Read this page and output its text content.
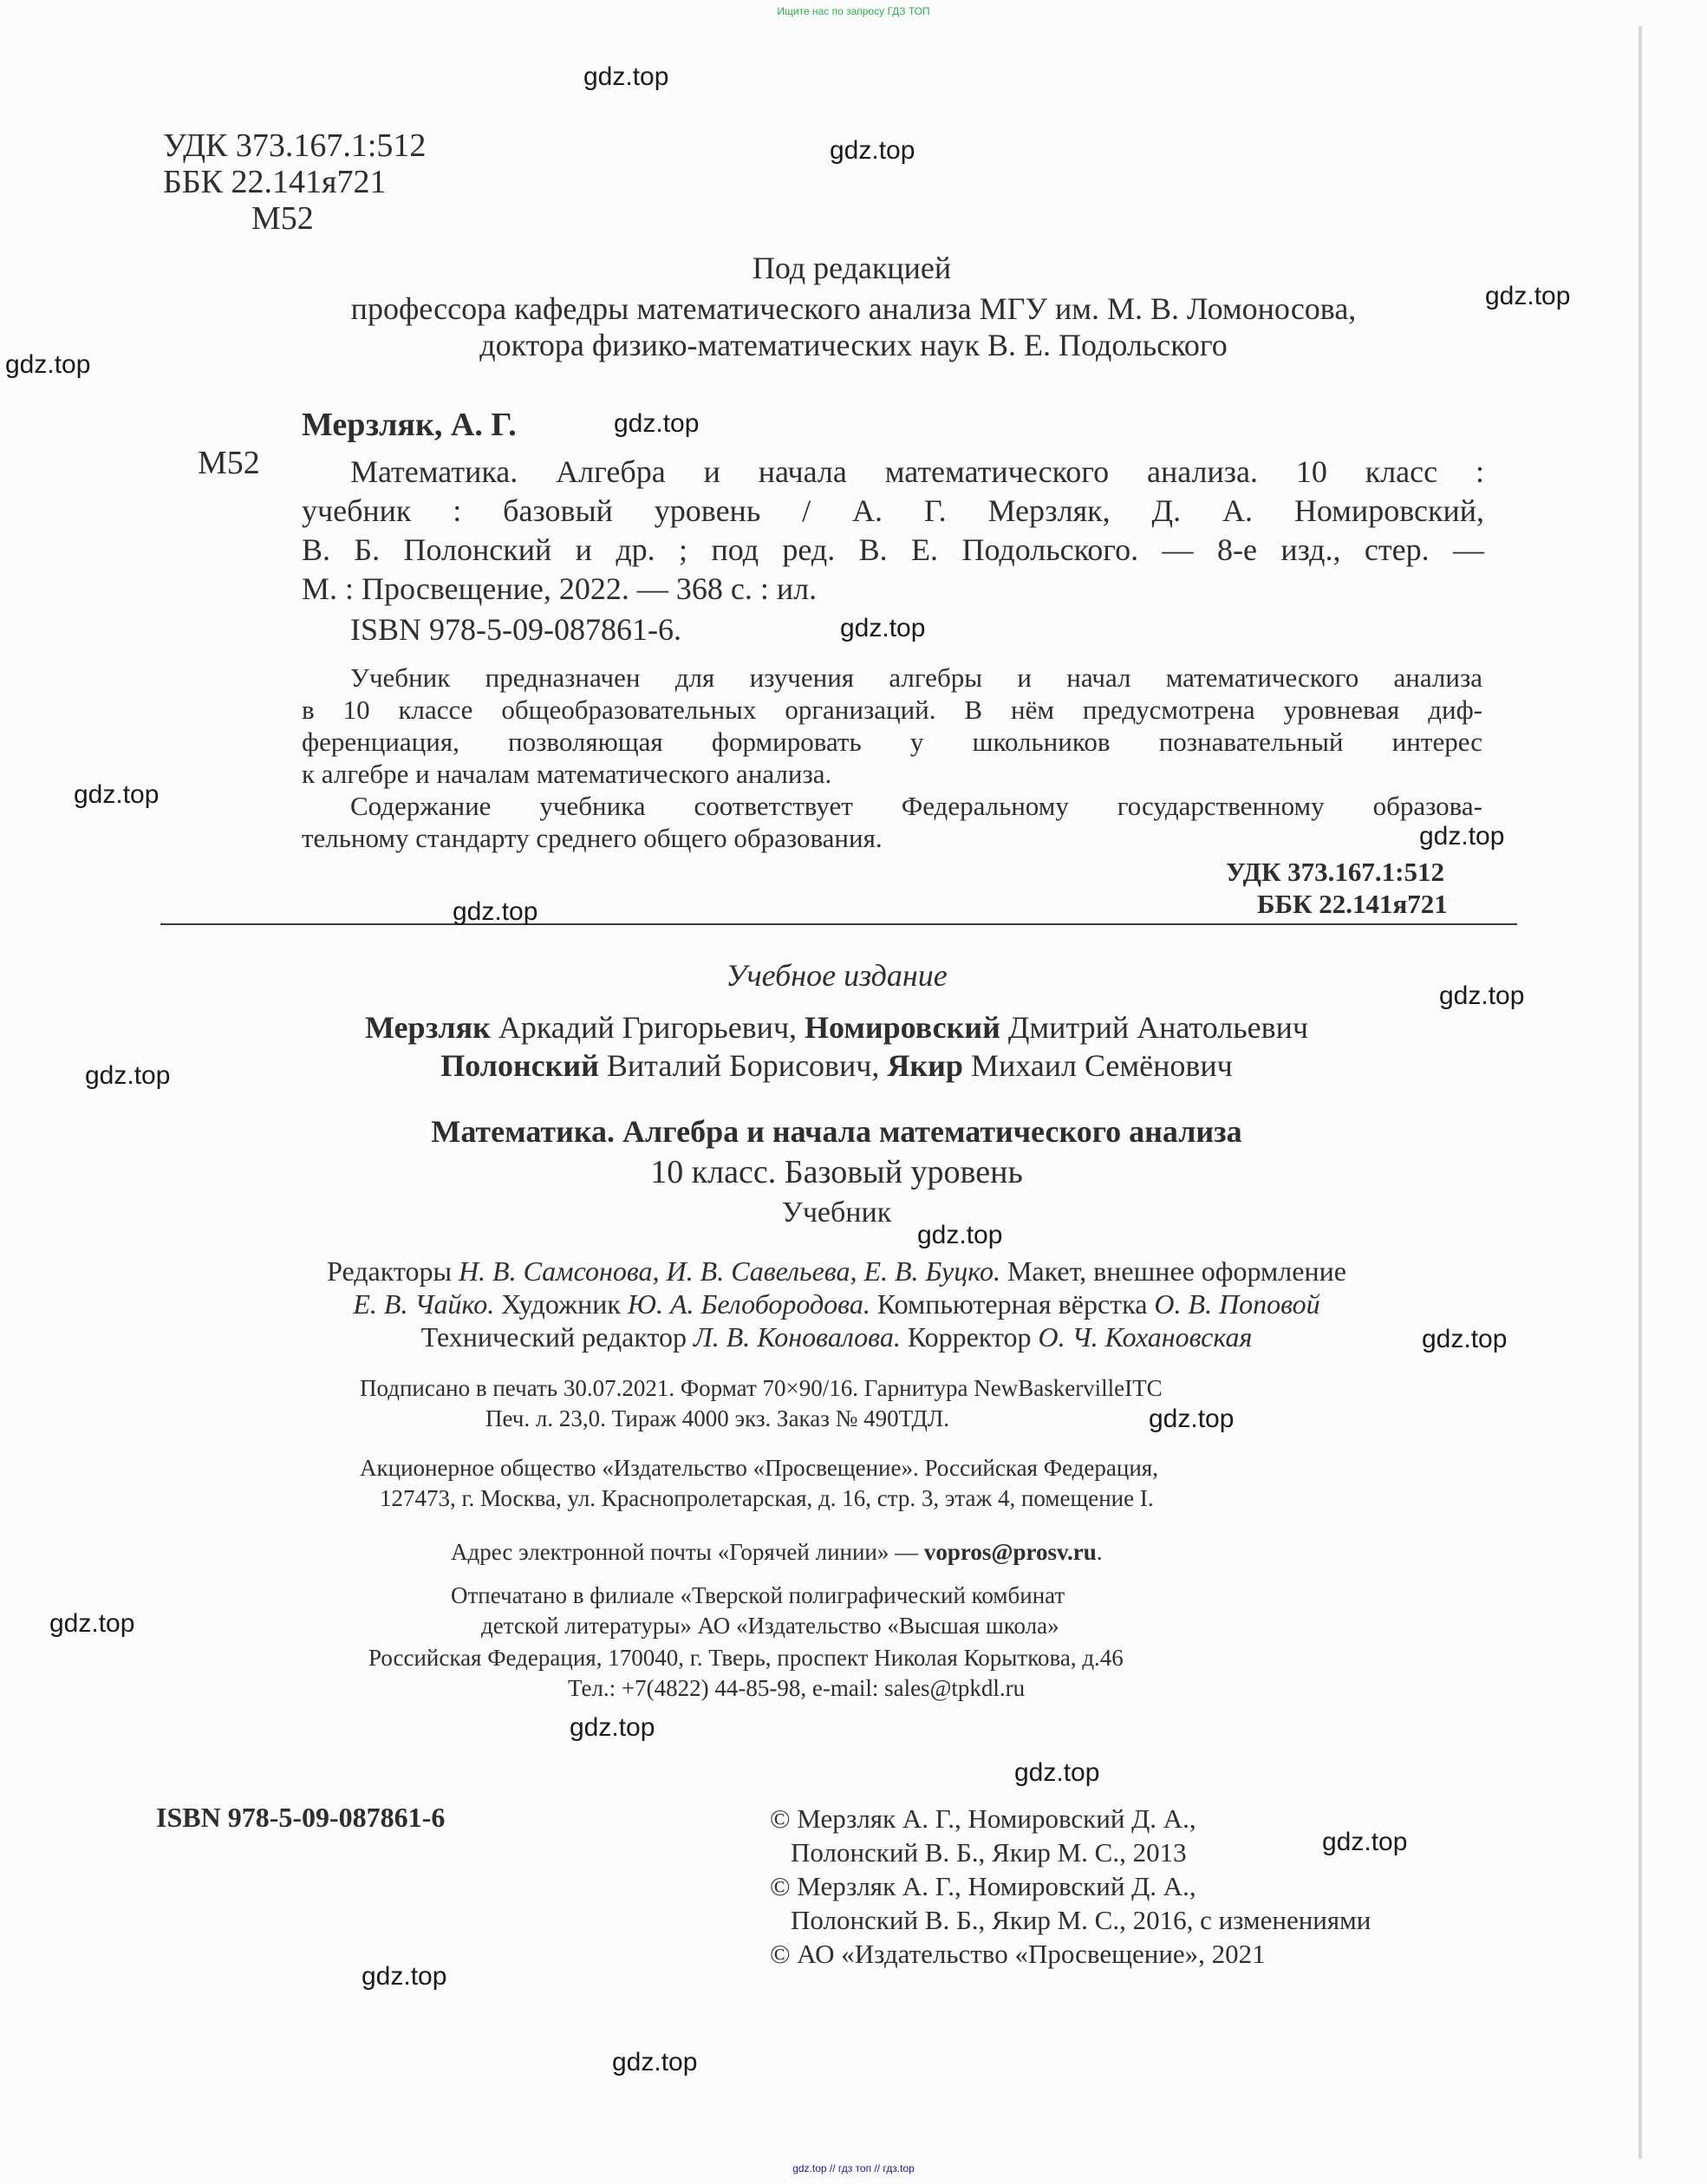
Ищите нас по запросу ГДЗ ТОП
gdz.top // гдз топ // гдз.top
УДК 373.167.1:512
ББК 22.141я721
М52
Под редакцией
профессора кафедры математического анализа МГУ им. М. В. Ломоносова,
доктора физико-математических наук В. Е. Подольского
Мерзляк, А. Г.
М52	Математика. Алгебра и начала математического анализа. 10 класс :
учебник : базовый уровень / А. Г. Мерзляк, Д. А. Номировский,
В. Б. Полонский и др. ; под ред. В. Е. Подольского. — 8-е изд., стер. —
М. : Просвещение, 2022. — 368 с. : ил.
ISBN 978-5-09-087861-6.
Учебник предназначен для изучения алгебры и начал математического анализа
в 10 классе общеобразовательных организаций. В нём предусмотрена уровневая диф-
ференциация, позволяющая формировать у школьников познавательный интерес
к алгебре и началам математического анализа.
Содержание учебника соответствует Федеральному государственному образова-
тельному стандарту среднего общего образования.
УДК 373.167.1:512
ББК 22.141я721
Учебное издание
Мерзляк Аркадий Григорьевич, Номировский Дмитрий Анатольевич
Полонский Виталий Борисович, Якир Михаил Семёнович
Математика. Алгебра и начала математического анализа
10 класс. Базовый уровень
Учебник
Редакторы Н. В. Самсонова, И. В. Савельева, Е. В. Буцко. Макет, внешнее оформление
Е. В. Чайко. Художник Ю. А. Белобородова. Компьютерная вёрстка О. В. Поповой
Технический редактор Л. В. Коновалова. Корректор О. Ч. Кохановская
Подписано в печать 30.07.2021. Формат 70×90/16. Гарнитура NewBaskervilleITC
Печ. л. 23,0. Тираж 4000 экз. Заказ № 490ТДЛ.
Акционерное общество «Издательство «Просвещение». Российская Федерация,
127473, г. Москва, ул. Краснопролетарская, д. 16, стр. 3, этаж 4, помещение I.
Адрес электронной почты «Горячей линии» — vopros@prosv.ru.
Отпечатано в филиале «Тверской полиграфический комбинат
детской литературы» АО «Издательство «Высшая школа»
Российская Федерация, 170040, г. Тверь, проспект Николая Корыткова, д.46
Тел.: +7(4822) 44-85-98, e-mail: sales@tpkdl.ru
ISBN 978-5-09-087861-6	© Мерзляк А. Г., Номировский Д. А.,
Полонский В. Б., Якир М. С., 2013
© Мерзляк А. Г., Номировский Д. А.,
Полонский В. Б., Якир М. С., 2016, с изменениями
© АО «Издательство «Просвещение», 2021
gdz.top
gdz.top
gdz.top
gdz.top
gdz.top
gdz.top
gdz.top
gdz.top
gdz.top
gdz.top
gdz.top
gdz.top
gdz.top
gdz.top
gdz.top
gdz.top
gdz.top
gdz.top
gdz.top
gdz.top
